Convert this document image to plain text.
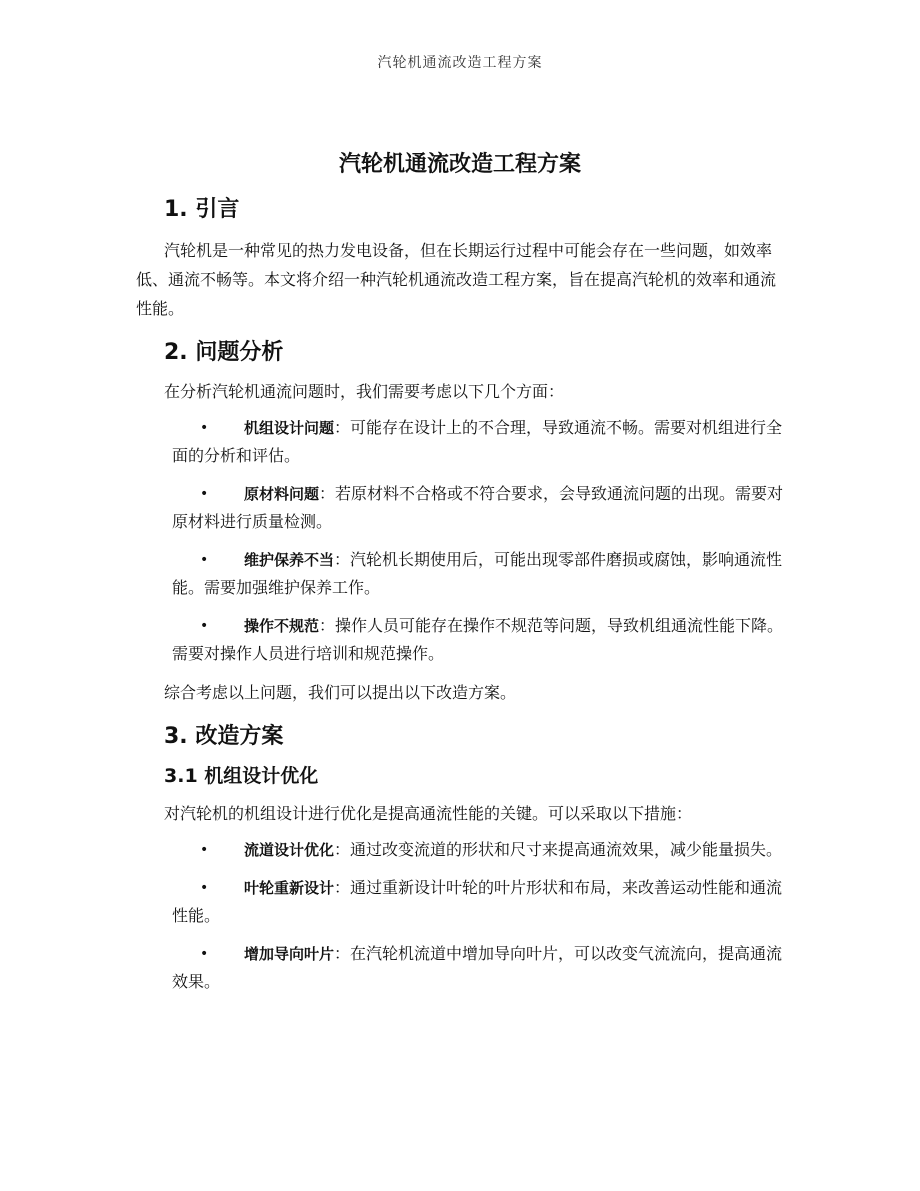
汽轮机通流改造工程方案
汽轮机通流改造工程方案
1. 引言

汽轮机是一种常见的热力发电设备，但在长期运行过程中可能会存在一些问题，如效率低、通流不畅等。本文将介绍一种汽轮机通流改造工程方案，旨在提高汽轮机的效率和通流性能。

2. 问题分析

在分析汽轮机通流问题时，我们需要考虑以下几个方面：

• 机组设计问题：可能存在设计上的不合理，导致通流不畅。需要对机组进行全面的分析和评估。
• 原材料问题：若原材料不合格或不符合要求，会导致通流问题的出现。需要对原材料进行质量检测。
• 维护保养不当：汽轮机长期使用后，可能出现零部件磨损或腐蚀，影响通流性能。需要加强维护保养工作。
• 操作不规范：操作人员可能存在操作不规范等问题，导致机组通流性能下降。需要对操作人员进行培训和规范操作。

综合考虑以上问题，我们可以提出以下改造方案。

3. 改造方案
3.1 机组设计优化

对汽轮机的机组设计进行优化是提高通流性能的关键。可以采取以下措施：

• 流道设计优化：通过改变流道的形状和尺寸来提高通流效果，减少能量损失。
• 叶轮重新设计：通过重新设计叶轮的叶片形状和布局，来改善运动性能和通流性能。
• 增加导向叶片：在汽轮机流道中增加导向叶片，可以改变气流流向，提高通流效果。
